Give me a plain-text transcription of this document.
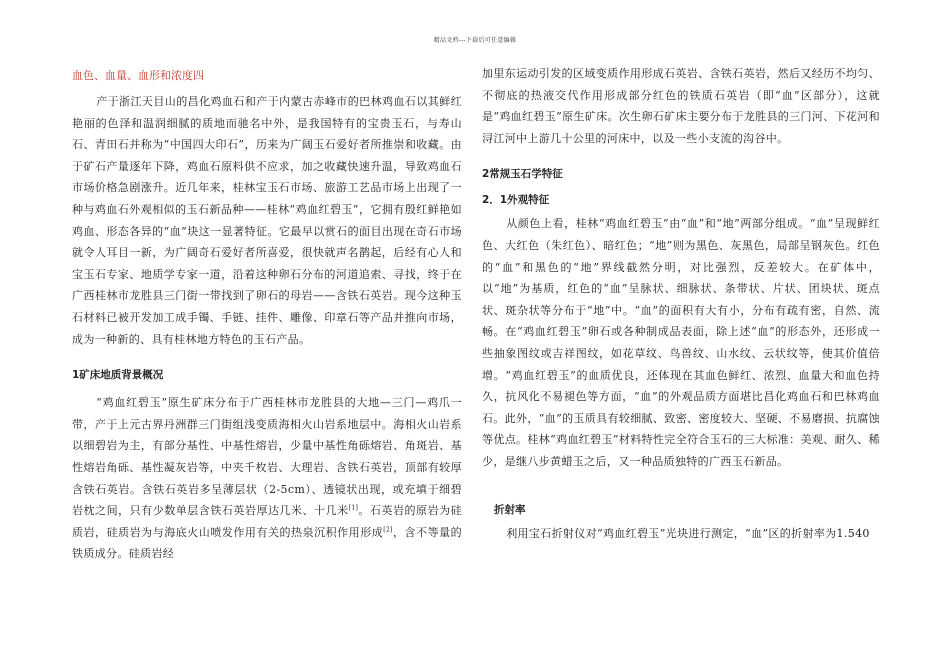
精品文档---下载后可任意编辑
血色、血量、血形和浓度四

产于浙江天目山的昌化鸡血石和产于内蒙古赤峰市的巴林鸡血石以其鲜红艳丽的色泽和温润细腻的质地而驰名中外，是我国特有的宝贵玉石，与寿山石、青田石并称为“中国四大印石”，历来为广阔玉石爱好者所推崇和收藏。由于矿石产量逐年下降，鸡血石原料供不应求，加之收藏快速升温，导致鸡血石市场价格急剧涨升。近几年来，桂林宝玉石市场、旅游工艺品市场上出现了一种与鸡血石外观相似的玉石新品种——桂林“鸡血红碧玉”，它拥有殷红鲜艳如鸡血、形态各异的“血”块这一显著特征。它最早以赏石的面目出现在奇石市场就令人耳目一新，为广阔奇石爱好者所喜爱，很快就声名鹊起，后经有心人和宝玉石专家、地质学专家一道，沿着这种卵石分布的河道追索、寻找，终于在广西桂林市龙胜县三门街一带找到了卵石的母岩——含铁石英岩。现今这种玉石材料已被开发加工成手镯、手链、挂件、雕像、印章石等产品并推向市场，成为一种新的、具有桂林地方特色的玉石产品。

1矿床地质背景概况

“鸡血红碧玉”原生矿床分布于广西桂林市龙胜县的大地—三门—鸡爪一带，产于上元古界丹洲群三门街组浅变质海相火山岩系地层中。海相火山岩系以细碧岩为主，有部分基性、中基性熔岩，少量中基性角砾熔岩、角斑岩、基性熔岩角砾、基性凝灰岩等，中夹千枚岩、大理岩、含铁石英岩，顶部有较厚含铁石英岩。含铁石英岩多呈薄层状（2-5cm）、透镜状出现，或充填于细碧岩枕之间，只有少数单层含铁石英岩厚达几米、十几米[1]。石英岩的原岩为硅质岩，硅质岩为与海底火山喷发作用有关的热泉沉积作用形成[2]，含不等量的铁质成分。硅质岩经

加里东运动引发的区域变质作用形成石英岩、含铁石英岩，然后又经历不均匀、不彻底的热液交代作用形成部分红色的铁质石英岩（即“血”区部分），这就是“鸡血红碧玉”原生矿床。次生卵石矿床主要分布于龙胜县的三门河、下花河和浔江河中上游几十公里的河床中，以及一些小支流的沟谷中。

2常规玉石学特征
2．1外观特征

从颜色上看，桂林“鸡血红碧玉”由“血”和“地”两部分组成。“血”呈现鲜红色、大红色（朱红色）、暗红色；“地”则为黑色、灰黑色，局部呈钢灰色。红色的“血”和黑色的“地”界线截然分明，对比强烈，反差较大。在矿体中，以“地”为基质，红色的“血”呈脉状、细脉状、条带状、片状、团块状、斑点状、斑杂状等分布于“地”中。“血”的面积有大有小，分布有疏有密，自然、流畅。在“鸡血红碧玉”卵石或各种制成品表面，除上述“血”的形态外，还形成一些抽象图纹或吉祥图纹，如花草纹、鸟兽纹、山水纹、云状纹等，使其价值倍增。“鸡血红碧玉”的血质优良，还体现在其血色鲜红、浓烈、血量大和血色持久，抗风化不易褪色等方面，“血”的外观品质方面堪比昌化鸡血石和巴林鸡血石。此外，“血”的玉质具有较细腻、致密、密度较大、坚硬、不易磨损、抗腐蚀等优点。桂林“鸡血红碧玉”材料特性完全符合玉石的三大标准：美观、耐久、稀少，是继八步黄蜡玉之后，又一种品质独特的广西玉石新品。

折射率

利用宝石折射仪对“鸡血红碧玉”光块进行测定，“血”区的折射率为1.540
